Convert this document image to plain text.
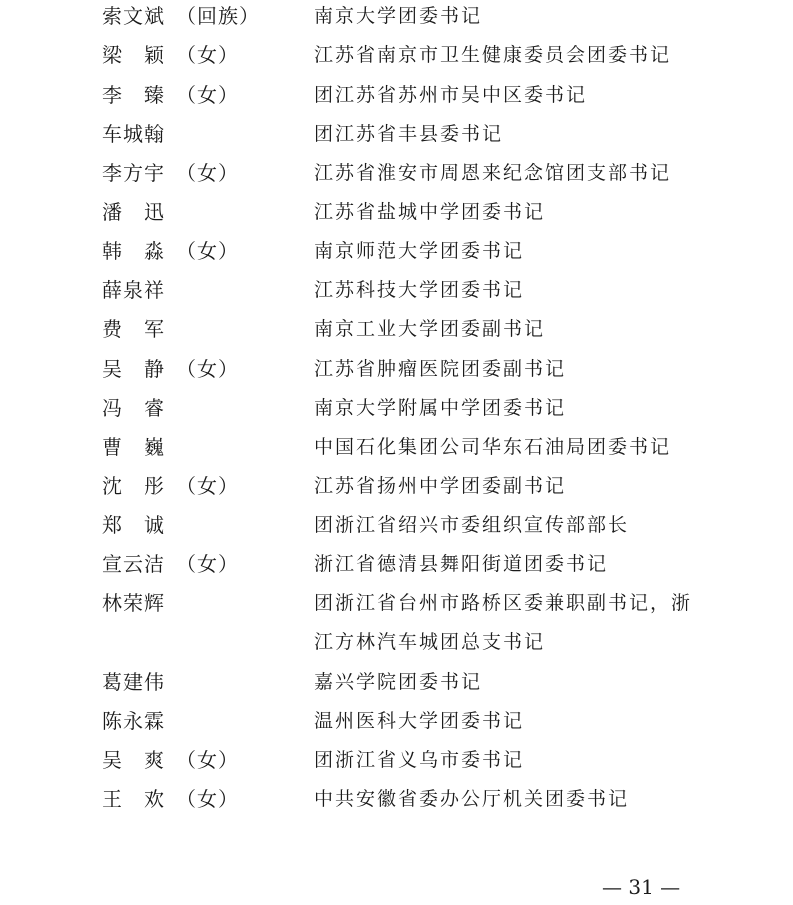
索文斌 （回族）	南京大学团委书记
梁　颖 （女）	江苏省南京市卫生健康委员会团委书记
李　臻 （女）	团江苏省苏州市吴中区委书记
车城翰	团江苏省丰县委书记
李方宇 （女）	江苏省淮安市周恩来纪念馆团支部书记
潘　迅	江苏省盐城中学团委书记
韩　淼 （女）	南京师范大学团委书记
薛泉祥	江苏科技大学团委书记
费　军	南京工业大学团委副书记
吴　静 （女）	江苏省肿瘤医院团委副书记
冯　睿	南京大学附属中学团委书记
曹　巍	中国石化集团公司华东石油局团委书记
沈　彤 （女）	江苏省扬州中学团委副书记
郑　诚	团浙江省绍兴市委组织宣传部部长
宣云洁 （女）	浙江省德清县舞阳街道团委书记
林荣辉	团浙江省台州市路桥区委兼职副书记，浙
江方林汽车城团总支书记
葛建伟	嘉兴学院团委书记
陈永霖	温州医科大学团委书记
吴　爽 （女）	团浙江省义乌市委书记
王　欢 （女）	中共安徽省委办公厅机关团委书记
— 31 —
